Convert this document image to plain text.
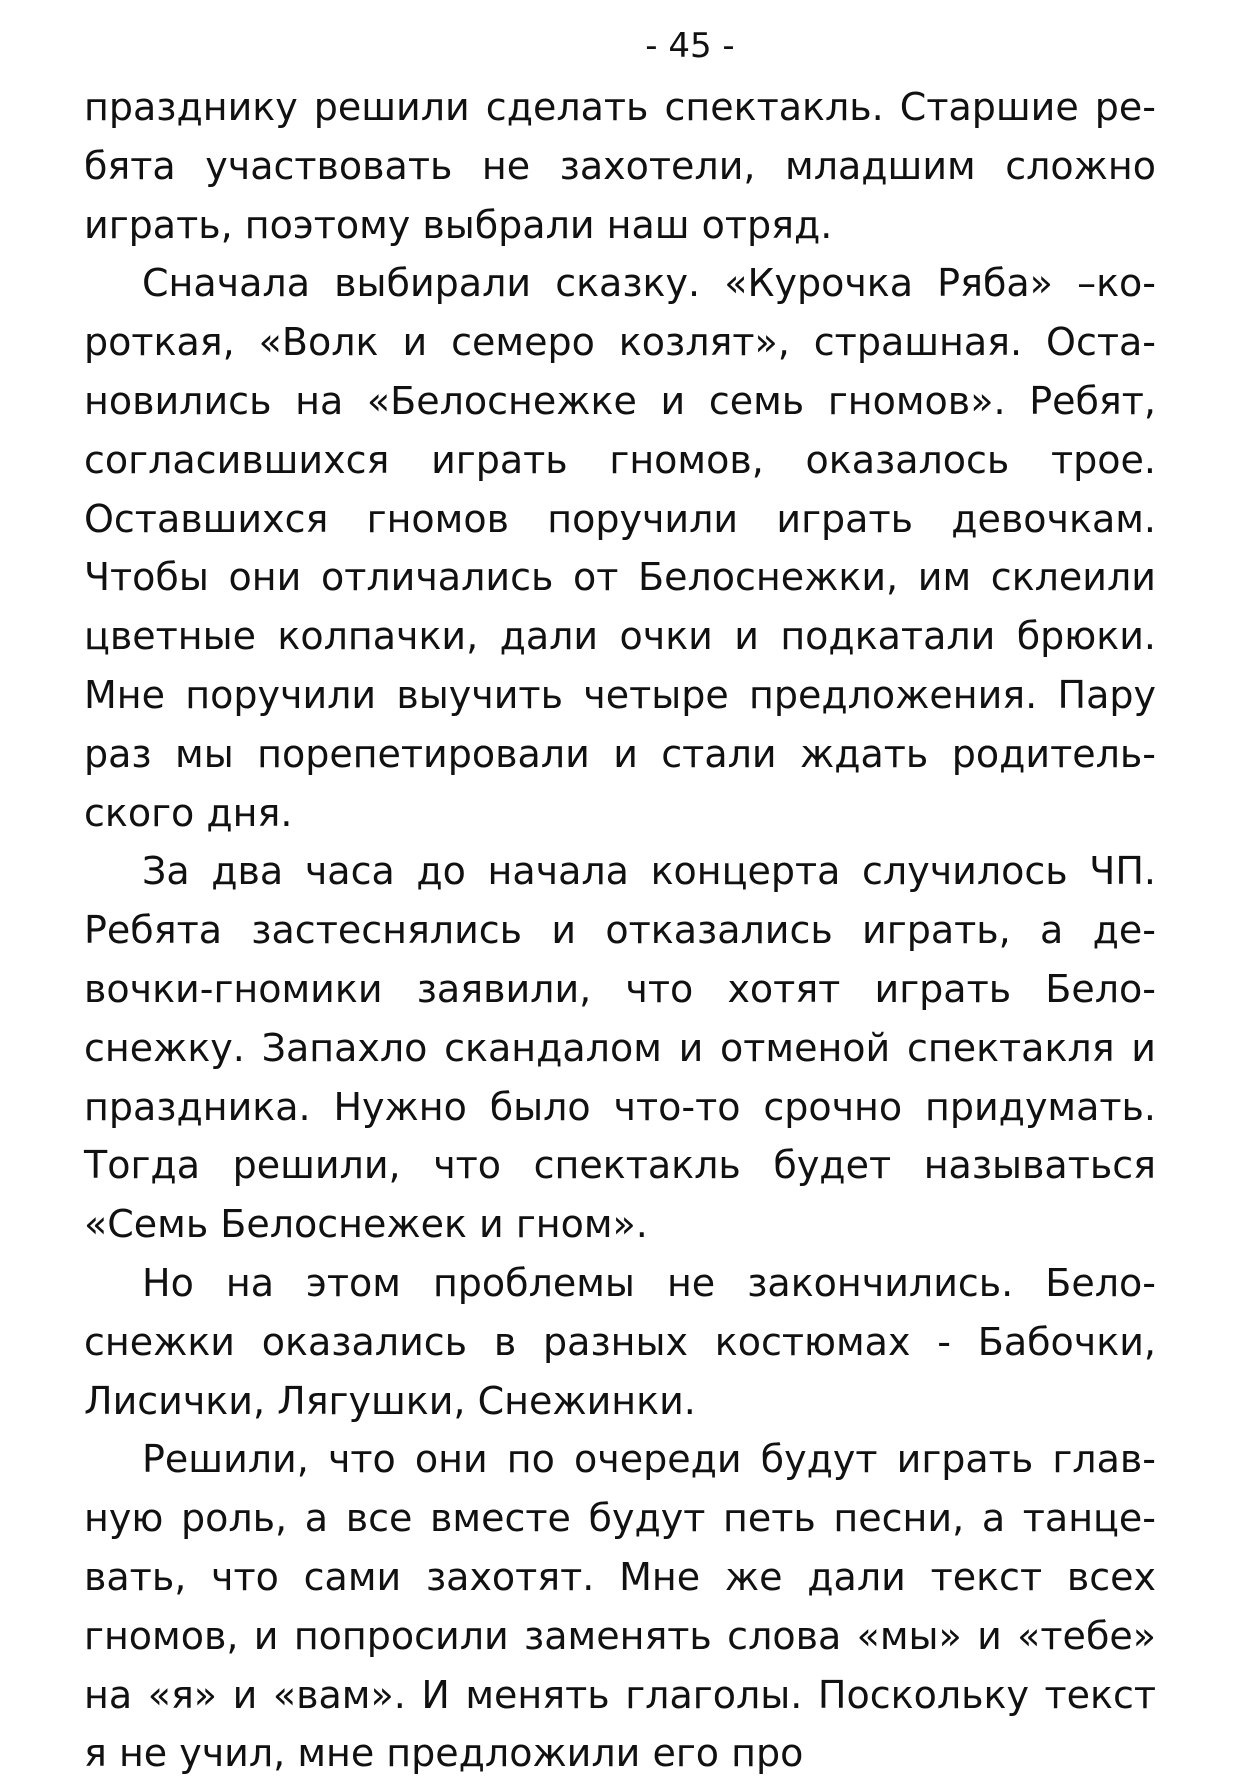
- 45 -

празднику решили сделать спектакль. Старшие ребята участвовать не захотели, младшим сложно играть, поэтому выбрали наш отряд.

Сначала выбирали сказку. «Курочка Ряба» –короткая, «Волк и семеро козлят», страшная. Остановились на «Белоснежке и семь гномов». Ребят, согласившихся играть гномов, оказалось трое. Оставшихся гномов поручили играть девочкам. Чтобы они отличались от Белоснежки, им склеили цветные колпачки, дали очки и подкатали брюки. Мне поручили выучить четыре предложения. Пару раз мы порепетировали и стали ждать родительского дня.

За два часа до начала концерта случилось ЧП. Ребята застеснялись и отказались играть, а девочки-гномики заявили, что хотят играть Белоснежку. Запахло скандалом и отменой спектакля и праздника. Нужно было что-то срочно придумать. Тогда решили, что спектакль будет называться «Семь Белоснежек и гном».

Но на этом проблемы не закончились. Белоснежки оказались в разных костюмах - Бабочки, Лисички, Лягушки, Снежинки.

Решили, что они по очереди будут играть главную роль, а все вместе будут петь песни, а танцевать, что сами захотят. Мне же дали текст всех гномов, и попросили заменять слова «мы» и «тебе» на «я» и «вам». И менять глаголы. Поскольку текст я не учил, мне предложили его про
